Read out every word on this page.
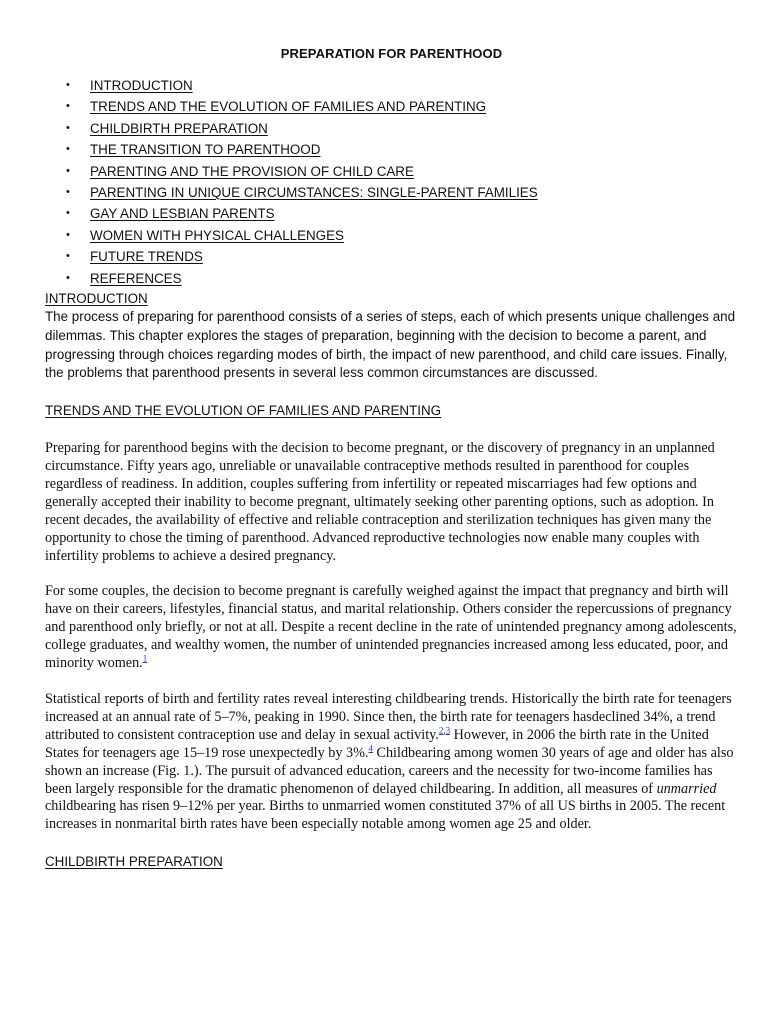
PREPARATION FOR PARENTHOOD
• INTRODUCTION
• TRENDS AND THE EVOLUTION OF FAMILIES AND PARENTING
• CHILDBIRTH PREPARATION
• THE TRANSITION TO PARENTHOOD
• PARENTING AND THE PROVISION OF CHILD CARE
• PARENTING IN UNIQUE CIRCUMSTANCES: SINGLE-PARENT FAMILIES
• GAY AND LESBIAN PARENTS
• WOMEN WITH PHYSICAL CHALLENGES
• FUTURE TRENDS
• REFERENCES
INTRODUCTION

The process of preparing for parenthood consists of a series of steps, each of which presents unique challenges and dilemmas. This chapter explores the stages of preparation, beginning with the decision to become a parent, and progressing through choices regarding modes of birth, the impact of new parenthood, and child care issues. Finally, the problems that parenthood presents in several less common circumstances are discussed.

TRENDS AND THE EVOLUTION OF FAMILIES AND PARENTING

Preparing for parenthood begins with the decision to become pregnant, or the discovery of pregnancy in an unplanned circumstance. Fifty years ago, unreliable or unavailable contraceptive methods resulted in parenthood for couples regardless of readiness. In addition, couples suffering from infertility or repeated miscarriages had few options and generally accepted their inability to become pregnant, ultimately seeking other parenting options, such as adoption. In recent decades, the availability of effective and reliable contraception and sterilization techniques has given many the opportunity to chose the timing of parenthood. Advanced reproductive technologies now enable many couples with infertility problems to achieve a desired pregnancy.

For some couples, the decision to become pregnant is carefully weighed against the impact that pregnancy and birth will have on their careers, lifestyles, financial status, and marital relationship. Others consider the repercussions of pregnancy and parenthood only briefly, or not at all. Despite a recent decline in the rate of unintended pregnancy among adolescents, college graduates, and wealthy women, the number of unintended pregnancies increased among less educated, poor, and minority women.$^1$

Statistical reports of birth and fertility rates reveal interesting childbearing trends. Historically the birth rate for teenagers increased at an annual rate of 5–7%, peaking in 1990. Since then, the birth rate for teenagers hasdeclined 34%, a trend attributed to consistent contraception use and delay in sexual activity.$^{2,3}$ However, in 2006 the birth rate in the United States for teenagers age 15–19 rose unexpectedly by 3%.$^4$ Childbearing among women 30 years of age and older has also shown an increase (Fig. 1.). The pursuit of advanced education, careers and the necessity for two-income families has been largely responsible for the dramatic phenomenon of delayed childbearing. In addition, all measures of unmarried childbearing has risen 9–12% per year. Births to unmarried women constituted 37% of all US births in 2005. The recent increases in nonmarital birth rates have been especially notable among women age 25 and older.

CHILDBIRTH PREPARATION
